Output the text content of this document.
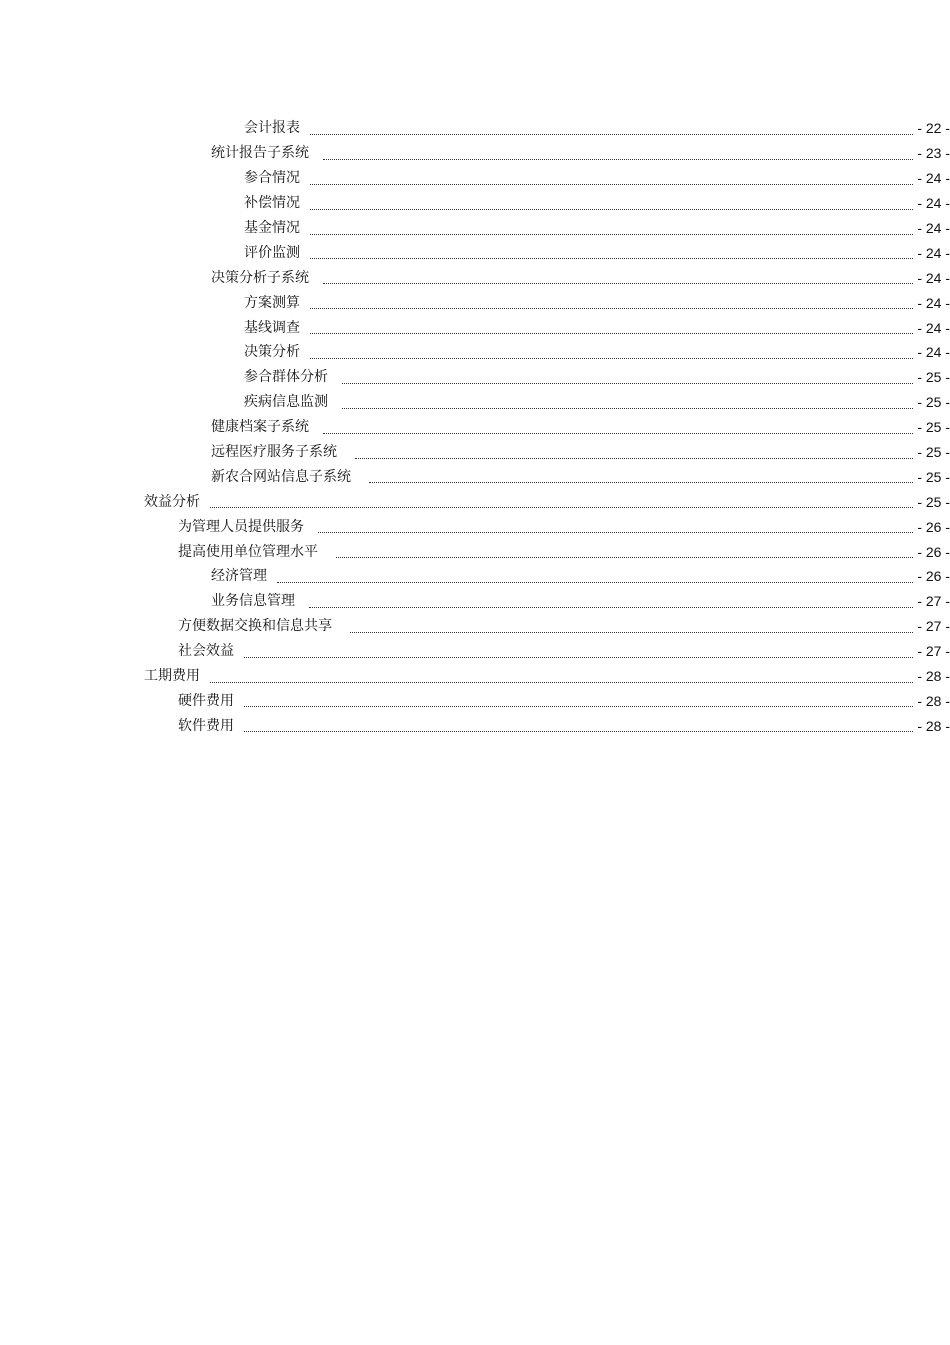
会计报表	- 22 -
统计报告子系统	- 23 -
参合情况	- 24 -
补偿情况	- 24 -
基金情况	- 24 -
评价监测	- 24 -
决策分析子系统	- 24 -
方案测算	- 24 -
基线调查	- 24 -
决策分析	- 24 -
参合群体分析	- 25 -
疾病信息监测	- 25 -
健康档案子系统	- 25 -
远程医疗服务子系统	- 25 -
新农合网站信息子系统	- 25 -
效益分析	- 25 -
为管理人员提供服务	- 26 -
提高使用单位管理水平	- 26 -
经济管理	- 26 -
业务信息管理	- 27 -
方便数据交换和信息共享	- 27 -
社会效益	- 27 -
工期费用	- 28 -
硬件费用	- 28 -
软件费用	- 28 -
